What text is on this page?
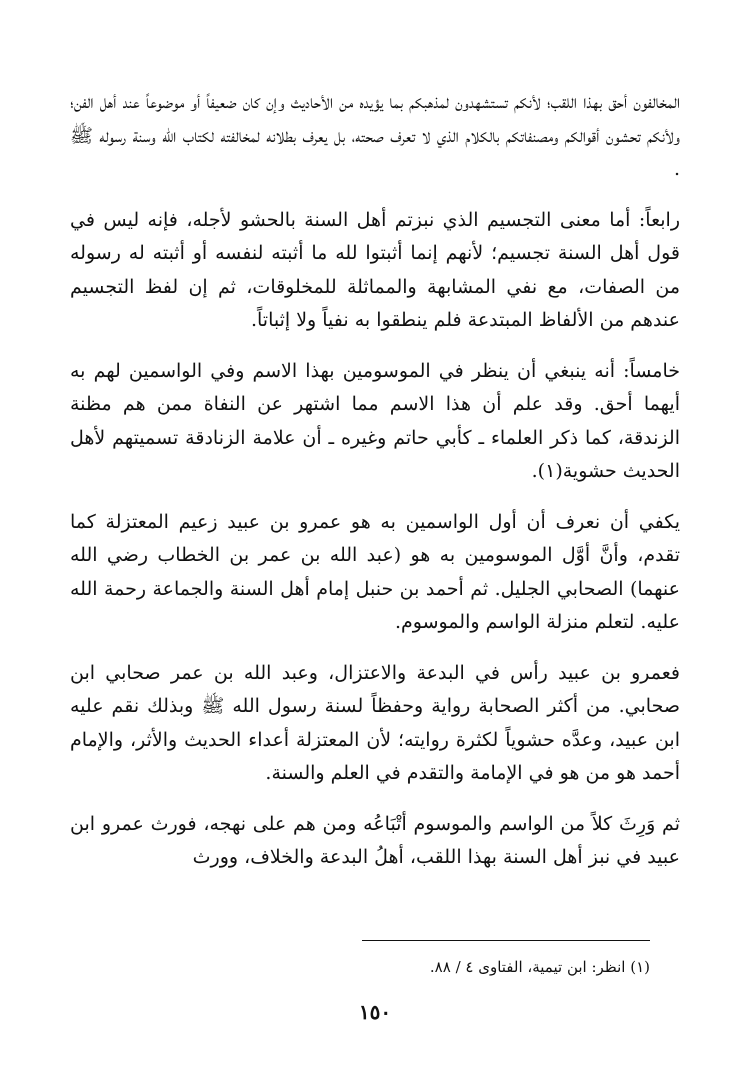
المخالفون أحق بهذا اللقب؛ لأنكم تستشهدون لمذهبكم بما يؤيده من الأحاديث وإن كان ضعيفاً أو موضوعاً عند أهل الفن؛ ولأنكم تحشون أقوالكم ومصنفاتكم بالكلام الذي لا تعرف صحته، بل يعرف بطلانه لمخالفته لكتاب الله وسنة رسوله ﷺ .

رابعاً: أما معنى التجسيم الذي نبزتم أهل السنة بالحشو لأجله، فإنه ليس في قول أهل السنة تجسيم؛ لأنهم إنما أثبتوا لله ما أثبته لنفسه أو أثبته له رسوله من الصفات، مع نفي المشابهة والمماثلة للمخلوقات، ثم إن لفظ التجسيم عندهم من الألفاظ المبتدعة فلم ينطقوا به نفياً ولا إثباتاً.

خامساً: أنه ينبغي أن ينظر في الموسومين بهذا الاسم وفي الواسمين لهم به أيهما أحق. وقد علم أن هذا الاسم مما اشتهر عن النفاة ممن هم مظنة الزندقة، كما ذكر العلماء ـ كأبي حاتم وغيره ـ أن علامة الزنادقة تسميتهم لأهل الحديث حشوية(١).

يكفي أن نعرف أن أول الواسمين به هو عمرو بن عبيد زعيم المعتزلة كما تقدم، وأنَّ أوَّل الموسومين به هو (عبد الله بن عمر بن الخطاب رضي الله عنهما) الصحابي الجليل. ثم أحمد بن حنبل إمام أهل السنة والجماعة رحمة الله عليه. لتعلم منزلة الواسم والموسوم.

فعمرو بن عبيد رأس في البدعة والاعتزال، وعبد الله بن عمر صحابي ابن صحابي. من أكثر الصحابة رواية وحفظاً لسنة رسول الله ﷺ وبذلك نقم عليه ابن عبيد، وعدَّه حشوياً لكثرة روايته؛ لأن المعتزلة أعداء الحديث والأثر، والإمام أحمد هو من هو في الإمامة والتقدم في العلم والسنة.

ثم وَرِثَ كلاً من الواسم والموسوم أتْبَاعُه ومن هم على نهجه، فورث عمرو ابن عبيد في نبز أهل السنة بهذا اللقب، أهلُ البدعة والخلاف، وورث

(١) انظر: ابن تيمية، الفتاوى ٤ / ٨٨.
١٥٠
